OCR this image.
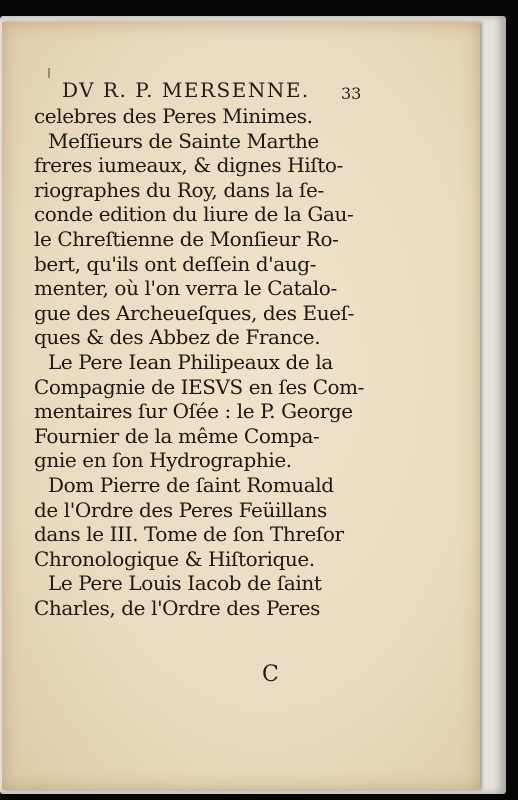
DV R. P. MERSENNE.	33
celebres des Peres Minimes.
Meſſieurs de Sainte Marthe
freres iumeaux, & dignes Hiſto-
riographes du Roy, dans la ſe-
conde edition du liure de la Gau-
le Chreſtienne de Monſieur Ro-
bert, qu'ils ont deſſein d'aug-
menter, où l'on verra le Catalo-
gue des Archeueſques, des Eueſ-
ques & des Abbez de France.
Le Pere Iean Philipeaux de la
Compagnie de IESVS en ſes Com-
mentaires ſur Oſée : le P. George
Fournier de la même Compa-
gnie en ſon Hydrographie.
Dom Pierre de ſaint Romuald
de l'Ordre des Peres Feüillans
dans le III. Tome de ſon Threſor
Chronologique & Hiſtorique.
Le Pere Louis Iacob de ſaint
Charles, de l'Ordre des Peres
C
